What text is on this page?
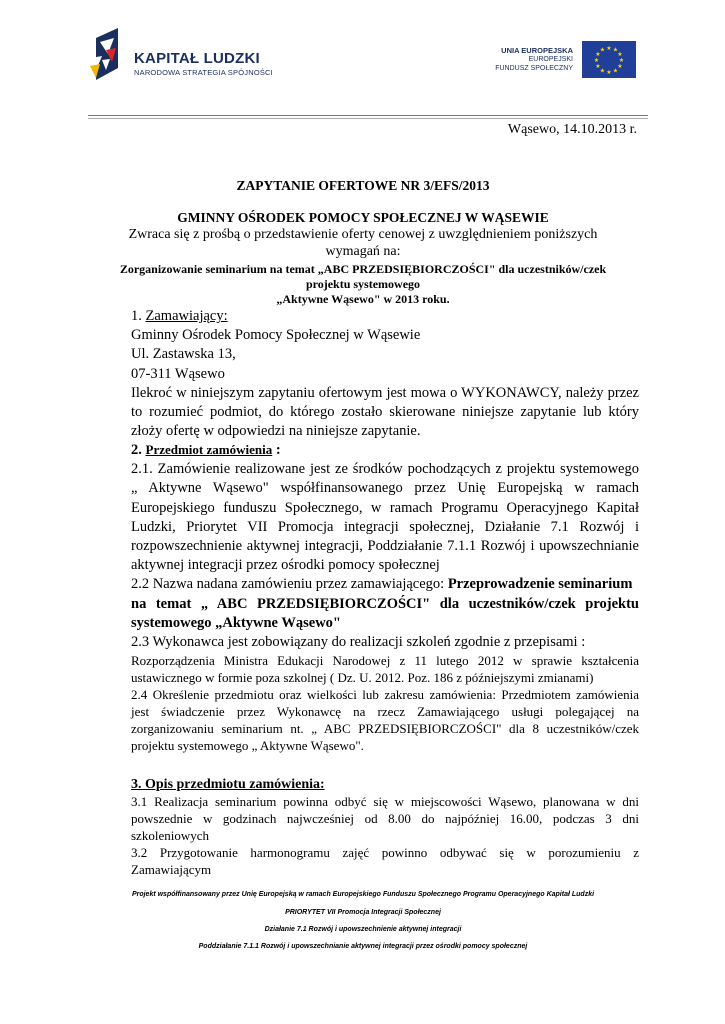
KAPITAŁ LUDZKI
NARODOWA STRATEGIA SPÓJNOŚCI
UNIA EUROPEJSKA
EUROPEJSKI
FUNDUSZ SPOŁECZNY
★ ★
★
★
★
★
★
★
★
★
★
★
Wąsewo, 14.10.2013 r.
ZAPYTANIE OFERTOWE NR 3/EFS/2013
GMINNY OŚRODEK POMOCY SPOŁECZNEJ W WĄSEWIE
Zwraca się z prośbą o przedstawienie oferty cenowej z uwzględnieniem poniższych
wymagań na:
Zorganizowanie seminarium na temat „ABC PRZEDSIĘBIORCZOŚCI" dla uczestników/czek
projektu systemowego
„Aktywne Wąsewo" w 2013 roku.
1. Zamawiający:
Gminny Ośrodek Pomocy Społecznej w Wąsewie
Ul. Zastawska 13,
07-311 Wąsewo
Ilekroć w niniejszym zapytaniu ofertowym jest mowa o WYKONAWCY, należy przez
to rozumieć podmiot, do którego zostało skierowane niniejsze zapytanie lub który
złoży ofertę w odpowiedzi na niniejsze zapytanie.
2. Przedmiot zamówienia :
2.1. Zamówienie realizowane jest ze środków pochodzących z projektu systemowego
„ Aktywne Wąsewo" współfinansowanego przez Unię Europejską w ramach
Europejskiego funduszu Społecznego, w ramach Programu Operacyjnego Kapitał
Ludzki, Priorytet VII Promocja integracji społecznej, Działanie 7.1 Rozwój i
rozpowszechnienie aktywnej integracji, Poddziałanie 7.1.1 Rozwój i upowszechnianie
aktywnej integracji przez ośrodki pomocy społecznej
2.2 Nazwa nadana zamówieniu przez zamawiającego: Przeprowadzenie seminarium
na temat „ ABC PRZEDSIĘBIORCZOŚCI" dla uczestników/czek projektu
systemowego „Aktywne Wąsewo"
2.3 Wykonawca jest zobowiązany do realizacji szkoleń zgodnie z przepisami :
Rozporządzenia Ministra Edukacji Narodowej z 11 lutego 2012 w sprawie kształcenia
ustawicznego w formie poza szkolnej ( Dz. U. 2012. Poz. 186 z późniejszymi zmianami)
2.4 Określenie przedmiotu oraz wielkości lub zakresu zamówienia: Przedmiotem zamówienia
jest świadczenie przez Wykonawcę na rzecz Zamawiającego usługi polegającej na
zorganizowaniu seminarium nt. „ ABC PRZEDSIĘBIORCZOŚCI" dla 8 uczestników/czek
projektu systemowego „ Aktywne Wąsewo".
3. Opis przedmiotu zamówienia:
3.1 Realizacja seminarium powinna odbyć się w miejscowości Wąsewo, planowana w dni
powszednie w godzinach najwcześniej od 8.00 do najpóźniej 16.00, podczas 3 dni
szkoleniowych
3.2 Przygotowanie harmonogramu zajęć powinno odbywać się w porozumieniu z
Zamawiającym
Projekt współfinansowany przez Unię Europejską w ramach Europejskiego Funduszu Społecznego Programu Operacyjnego Kapitał Ludzki
PRIORYTET VII Promocja Integracji Społecznej
Działanie 7.1 Rozwój i upowszechnienie aktywnej integracji
Poddziałanie 7.1.1 Rozwój i upowszechnianie aktywnej integracji przez ośrodki pomocy społecznej
